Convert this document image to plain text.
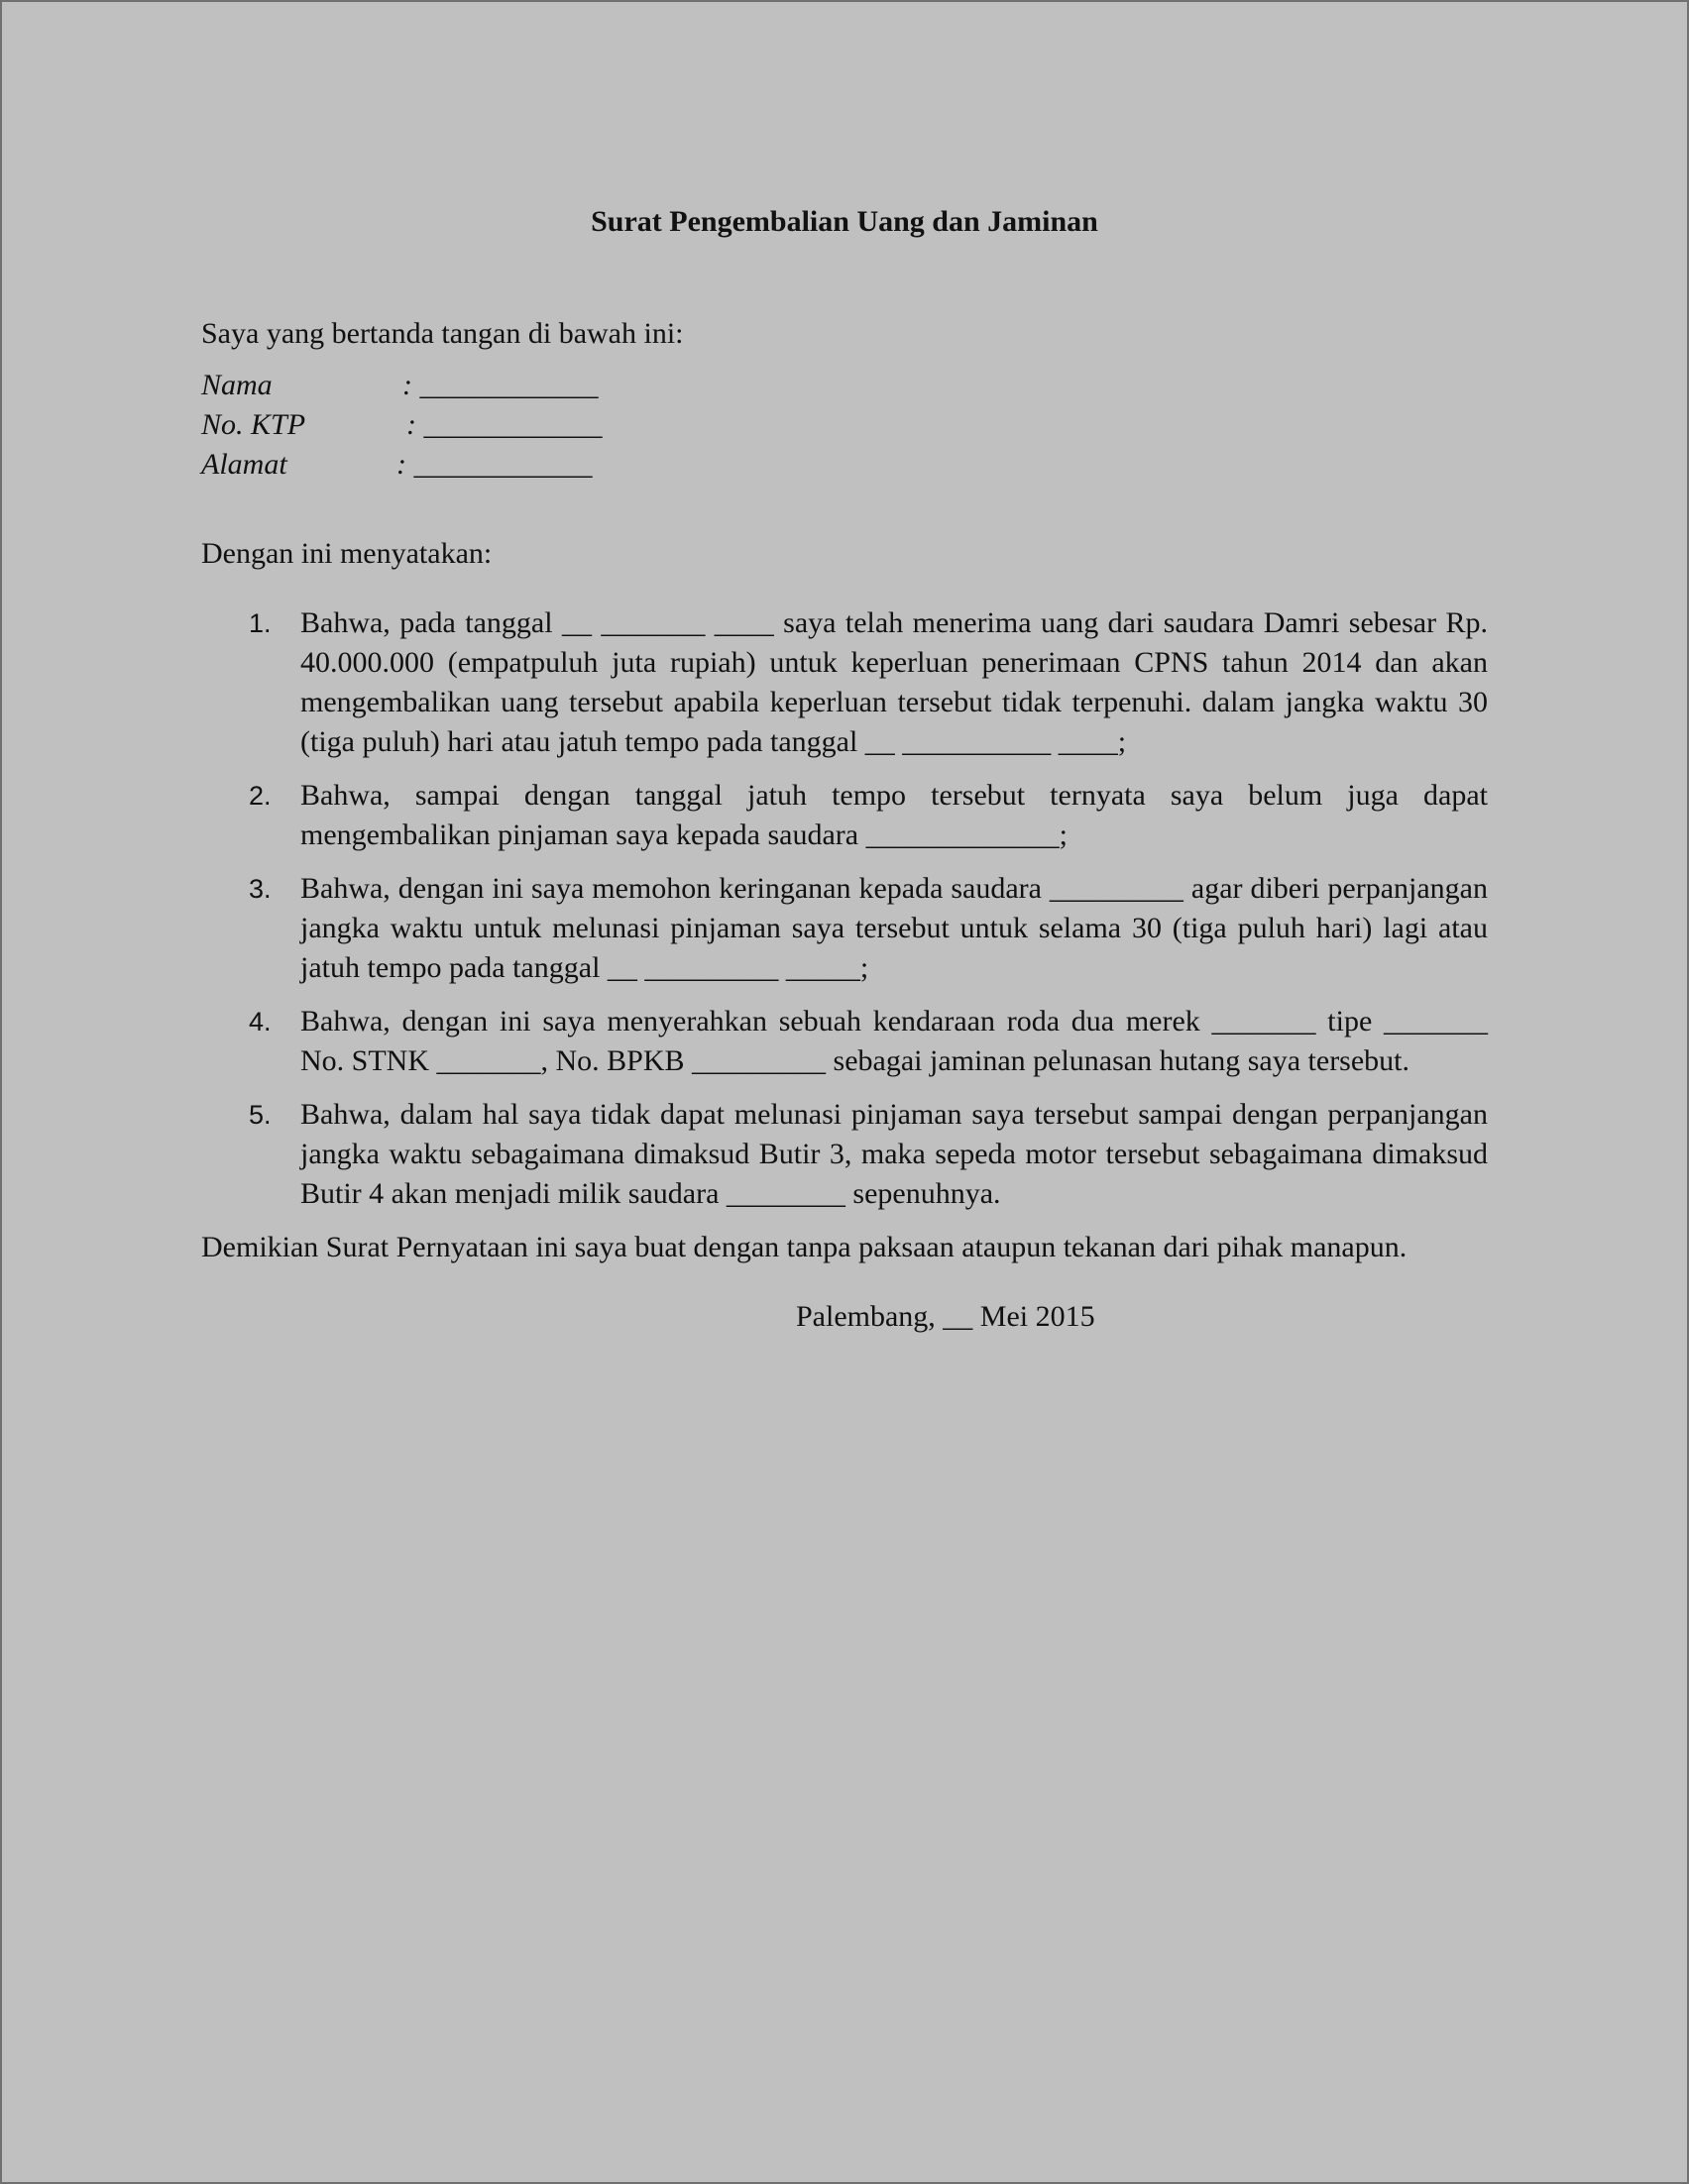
Surat Pengembalian Uang dan Jaminan

Saya yang bertanda tangan di bawah ini:

Nama	: ____________
No. KTP	: ____________
Alamat	: ____________

Dengan ini menyatakan:

1. Bahwa, pada tanggal __ _______ ____ saya telah menerima uang dari saudara Damri sebesar Rp. 40.000.000 (empatpuluh juta rupiah) untuk keperluan penerimaan CPNS tahun 2014 dan akan mengembalikan uang tersebut apabila keperluan tersebut tidak terpenuhi. dalam jangka waktu 30 (tiga puluh) hari atau jatuh tempo pada tanggal __ __________ ____;
2. Bahwa, sampai dengan tanggal jatuh tempo tersebut ternyata saya belum juga dapat mengembalikan pinjaman saya kepada saudara _____________;
3. Bahwa, dengan ini saya memohon keringanan kepada saudara _________ agar diberi perpanjangan jangka waktu untuk melunasi pinjaman saya tersebut untuk selama 30 (tiga puluh hari) lagi atau jatuh tempo pada tanggal __ _________ _____;
4. Bahwa, dengan ini saya menyerahkan sebuah kendaraan roda dua merek _______ tipe _______ No. STNK _______, No. BPKB _________ sebagai jaminan pelunasan hutang saya tersebut.
5. Bahwa, dalam hal saya tidak dapat melunasi pinjaman saya tersebut sampai dengan perpanjangan jangka waktu sebagaimana dimaksud Butir 3, maka sepeda motor tersebut sebagaimana dimaksud Butir 4 akan menjadi milik saudara ________ sepenuhnya.

Demikian Surat Pernyataan ini saya buat dengan tanpa paksaan ataupun tekanan dari pihak manapun.

Palembang, __ Mei 2015
